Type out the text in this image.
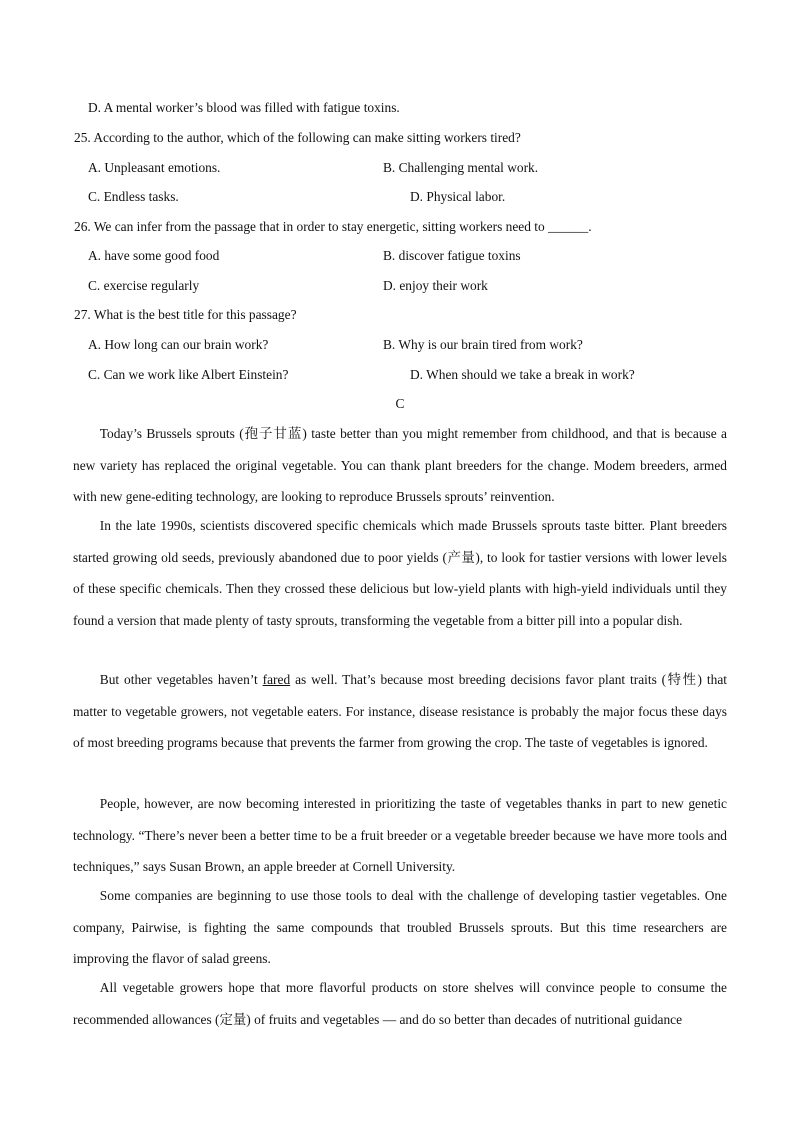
D. A mental worker’s blood was filled with fatigue toxins.
25. According to the author, which of the following can make sitting workers tired?
A. Unpleasant emotions.	B. Challenging mental work.
C. Endless tasks.	D. Physical labor.
26. We can infer from the passage that in order to stay energetic, sitting workers need to ______.
A. have some good food	B. discover fatigue toxins
C. exercise regularly	D. enjoy their work
27. What is the best title for this passage?
A. How long can our brain work?	B. Why is our brain tired from work?
C. Can we work like Albert Einstein?	D. When should we take a break in work?
C
Today’s Brussels sprouts (孢子甘蓝) taste better than you might remember from childhood, and that is because a new variety has replaced the original vegetable. You can thank plant breeders for the change. Modem breeders, armed with new gene-editing technology, are looking to reproduce Brussels sprouts’ reinvention.
In the late 1990s, scientists discovered specific chemicals which made Brussels sprouts taste bitter. Plant breeders started growing old seeds, previously abandoned due to poor yields (产量), to look for tastier versions with lower levels of these specific chemicals. Then they crossed these delicious but low-yield plants with high-yield individuals until they found a version that made plenty of tasty sprouts, transforming the vegetable from a bitter pill into a popular dish.
But other vegetables haven’t fared as well. That’s because most breeding decisions favor plant traits (特性) that matter to vegetable growers, not vegetable eaters. For instance, disease resistance is probably the major focus these days of most breeding programs because that prevents the farmer from growing the crop. The taste of vegetables is ignored.
People, however, are now becoming interested in prioritizing the taste of vegetables thanks in part to new genetic technology. “There’s never been a better time to be a fruit breeder or a vegetable breeder because we have more tools and techniques,” says Susan Brown, an apple breeder at Cornell University.
Some companies are beginning to use those tools to deal with the challenge of developing tastier vegetables. One company, Pairwise, is fighting the same compounds that troubled Brussels sprouts. But this time researchers are improving the flavor of salad greens.
All vegetable growers hope that more flavorful products on store shelves will convince people to consume the recommended allowances (定量) of fruits and vegetables — and do so better than decades of nutritional guidance
